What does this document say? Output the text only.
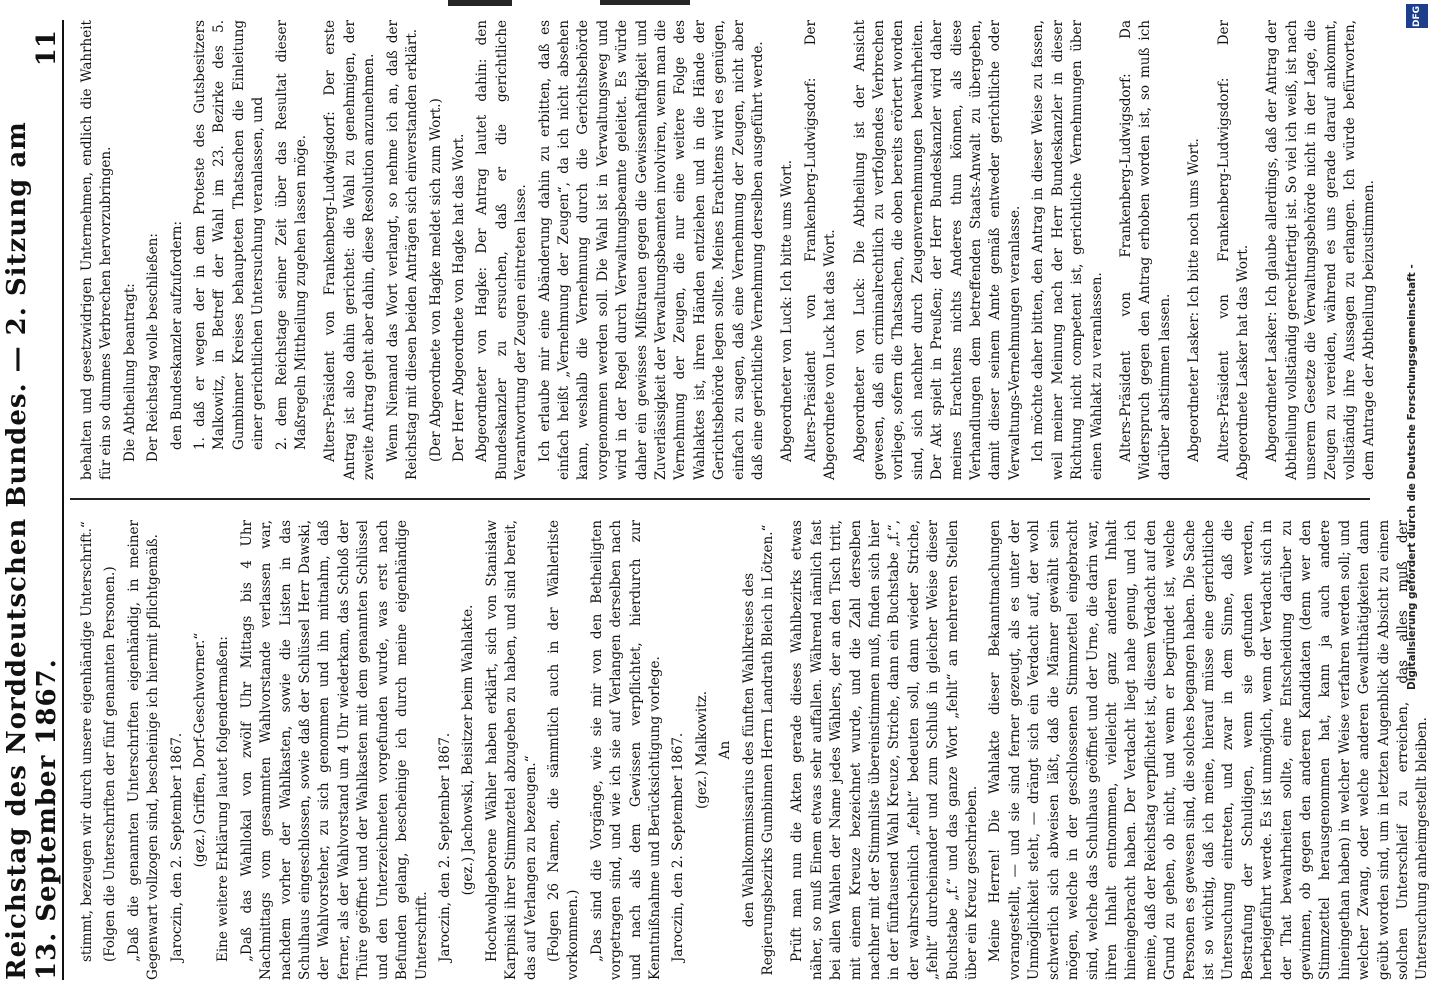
Reichstag des Norddeutschen Bundes. — 2. Sitzung am 13. September 1867.
11

stimmt, bezeugen wir durch unsere eigenhändige Unterschrift.“ (Folgen die Unterschriften der fünf genannten Personen.) „Daß die genannten Unterschriften eigenhändig, in meiner Gegenwart vollzogen sind, bescheinige ich hiermit pflichtgemäß. Jaroczin, den 2. September 1867. (gez.) Griffen, Dorf-Geschworner.“ Eine weitere Erklärung lautet folgendermaßen: „Daß das Wahllokal von zwölf Uhr Mittags bis 4 Uhr Nachmittags vom gesammten Wahlvorstande verlassen war, nachdem vorher der Wahlkasten, sowie die Listen in das Schulhaus eingeschlossen, sowie daß der Schlüssel Herr Dawski, der Wahlvorsteher, zu sich genommen und ihn mitnahm, daß ferner, als der Wahlvorstand um 4 Uhr wiederkam, das Schloß der Thüre geöffnet und der Wahlkasten mit dem genannten Schlüssel und den Unterzeichneten vorgefunden wurde, was erst nach Befunden gelang, bescheinige ich durch meine eigenhändige Unterschrift. Jaroczin, den 2. September 1867. (gez.) Jachowski, Beisitzer beim Wahlakte. Hochwohlgeborene Wähler haben erklärt, sich von Stanisław Karpinski ihrer Stimmzettel abzugeben zu haben, und sind bereit, das auf Verlangen zu bezeugen.“ (Folgen 26 Namen, die sämmtlich auch in der Wählerliste vorkommen.) „Das sind die Vorgänge, wie sie mir von den Betheiligten vorgetragen sind, und wie ich sie auf Verlangen derselben nach und nach als dem Gewissen verpflichtet, hierdurch zur Kenntnißnahme und Berücksichtigung vorlege. Jaroczin, den 2. September 1867. (gez.) Malkowitz. An den Wahlkommissarius des fünften Wahlkreises des Regierungsbezirks Gumbinnen Herrn Landrath Bleich in Lötzen.“ Prüft man nun die Akten gerade dieses Wahlbezirks etwas näher, so muß Einem etwas sehr auffallen. Während nämlich fast bei allen Wahlen der Name jedes Wählers, der an den Tisch tritt, mit einem Kreuze bezeichnet wurde, und die Zahl derselben nachher mit der Stimmliste übereinstimmen muß, finden sich hier in der fünftausend Wahl Kreuze, Striche, dann ein Buchstabe „f.“, der wahrscheinlich „fehlt“ bedeuten soll, dann wieder Striche, „fehlt“ durcheinander und zum Schluß in gleicher Weise dieser Buchstabe „f.“ und das ganze Wort „fehlt“ an mehreren Stellen über ein Kreuz geschrieben. Meine Herren! Die Wahlakte dieser Bekanntmachungen vorangestellt, — und sie sind ferner gezeugt, als es unter der Unmöglichkeit steht, — drängt sich ein Verdacht auf, der wohl schwerlich sich abweisen läßt, daß die Männer gewählt sein mögen, welche in der geschlossenen Stimmzettel eingebracht sind, welche das Schulhaus geöffnet und der Urne, die darin war, ihren Inhalt entnommen, vielleicht ganz anderen Inhalt hineingebracht haben. Der Verdacht liegt nahe genug, und ich meine, daß der Reichstag verpflichtet ist, diesem Verdacht auf den Grund zu gehen, ob nicht, und wenn er begründet ist, welche Personen es gewesen sind, die solches begangen haben. Die Sache ist so wichtig, daß ich meine, hierauf müsse eine gerichtliche Untersuchung eintreten, und zwar in dem Sinne, daß die Bestrafung der Schuldigen, wenn sie gefunden werden, herbeigeführt werde. Es ist unmöglich, wenn der Verdacht sich in der That bewahrheiten sollte, eine Entscheidung darüber zu gewinnen, ob gegen den anderen Kandidaten (denn wer den Stimmzettel herausgenommen hat, kann ja auch andere hineingethan haben) in welcher Weise verfahren werden soll; und welcher Zwang, oder welche anderen Gewaltthätigkeiten dann geübt worden sind, um in letzten Augenblick die Absicht zu einem solchen Unterschleif zu erreichen, das alles muß der Untersuchung anheimgestellt bleiben.

behalten und gesetzwidrigen Unternehmen, endlich die Wahrheit für ein so dummes Verbrechen hervorzubringen. Die Abtheilung beantragt: Der Reichstag wolle beschließen: den Bundeskanzler aufzufordern: 1. daß er wegen der in dem Proteste des Gutsbesitzers Malkowitz, in Betreff der Wahl im 23. Bezirke des 5. Gumbinner Kreises behaupteten Thatsachen die Einleitung einer gerichtlichen Untersuchung veranlassen, und 2. dem Reichstage seiner Zeit über das Resultat dieser Maßregeln Mittheilung zugehen lassen möge. Alters-Präsident von Frankenberg-Ludwigsdorf: Der erste Antrag ist also dahin gerichtet: die Wahl zu genehmigen, der zweite Antrag geht aber dahin, diese Resolution anzunehmen. Wenn Niemand das Wort verlangt, so nehme ich an, daß der Reichstag mit diesen beiden Anträgen sich einverstanden erklärt. (Der Abgeordnete von Hagke meldet sich zum Wort.) Der Herr Abgeordnete von Hagke hat das Wort. Abgeordneter von Hagke: Der Antrag lautet dahin: den Bundeskanzler zu ersuchen, daß er die gerichtliche Verantwortung der Zeugen eintreten lasse. Ich erlaube mir eine Abänderung dahin zu erbitten, daß es einfach heißt „Vernehmung der Zeugen“, da ich nicht absehen kann, weshalb die Vernehmung durch die Gerichtsbehörde vorgenommen werden soll. Die Wahl ist in Verwaltungsweg und wird in der Regel durch Verwaltungsbeamte geleitet. Es würde daher ein gewisses Mißtrauen gegen die Gewissenhaftigkeit und Zuverlässigkeit der Verwaltungsbeamten involviren, wenn man die Vernehmung der Zeugen, die nur eine weitere Folge des Wahlaktes ist, ihren Händen entziehen und in die Hände der Gerichtsbehörde legen sollte. Meines Erachtens wird es genügen, einfach zu sagen, daß eine Vernehmung der Zeugen, nicht aber daß eine gerichtliche Vernehmung derselben ausgeführt werde. Abgeordneter von Luck: Ich bitte ums Wort. Alters-Präsident von Frankenberg-Ludwigsdorf: Der Abgeordnete von Luck hat das Wort. Abgeordneter von Luck: Die Abtheilung ist der Ansicht gewesen, daß ein criminalrechtlich zu verfolgendes Verbrechen vorliege, sofern die Thatsachen, die oben bereits erörtert worden sind, sich nachher durch Zeugenvernehmungen bewahrheiten. Der Akt spielt in Preußen; der Herr Bundeskanzler wird daher meines Erachtens nichts Anderes thun können, als diese Verhandlungen dem betreffenden Staats-Anwalt zu übergeben, damit dieser seinem Amte gemäß entweder gerichtliche oder Verwaltungs-Vernehmungen veranlasse. Ich möchte daher bitten, den Antrag in dieser Weise zu fassen, weil meiner Meinung nach der Herr Bundeskanzler in dieser Richtung nicht competent ist, gerichtliche Vernehmungen über einen Wahlakt zu veranlassen. Alters-Präsident von Frankenberg-Ludwigsdorf: Da Widerspruch gegen den Antrag erhoben worden ist, so muß ich darüber abstimmen lassen. Abgeordneter Lasker: Ich bitte noch ums Wort. Alters-Präsident von Frankenberg-Ludwigsdorf: Der Abgeordnete Lasker hat das Wort. Abgeordneter Lasker: Ich glaube allerdings, daß der Antrag der Abtheilung vollständig gerechtfertigt ist. So viel ich weiß, ist nach unserem Gesetze die Verwaltungsbehörde nicht in der Lage, die Zeugen zu vereiden, während es uns gerade darauf ankommt, vollständig ihre Aussagen zu erlangen. Ich würde befürworten, dem Antrage der Abtheilung beizustimmen.

DFG
Digitalisierung gefördert durch die Deutsche Forschungsgemeinschaft -
